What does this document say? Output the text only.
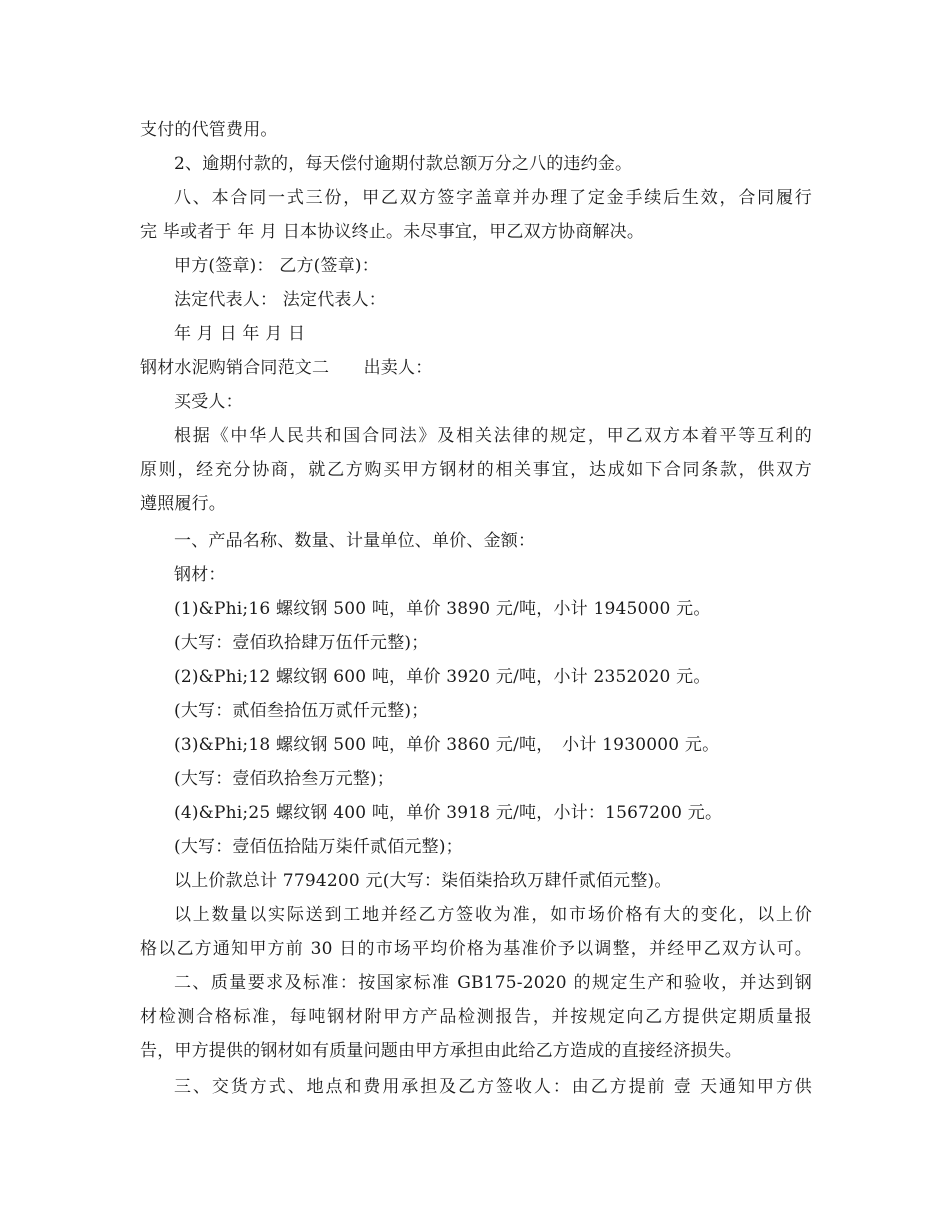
支付的代管费用。
2、逾期付款的，每天偿付逾期付款总额万分之八的违约金。
八、本合同一式三份，甲乙双方签字盖章并办理了定金手续后生效，合同履行
完 毕或者于 年 月 日本协议终止。未尽事宜，甲乙双方协商解决。
甲方(签章)： 乙方(签章)：
法定代表人： 法定代表人：
年 月 日 年 月 日
钢材水泥购销合同范文二　　出卖人：
买受人：
根据《中华人民共和国合同法》及相关法律的规定，甲乙双方本着平等互利的
原则，经充分协商，就乙方购买甲方钢材的相关事宜，达成如下合同条款，供双方
遵照履行。
一、产品名称、数量、计量单位、单价、金额：
钢材：
(1)&Phi;16 螺纹钢 500 吨，单价 3890 元/吨，小计 1945000 元。
(大写：壹佰玖拾肆万伍仟元整)；
(2)&Phi;12 螺纹钢 600 吨，单价 3920 元/吨，小计 2352020 元。
(大写：贰佰叁拾伍万贰仟元整)；
(3)&Phi;18 螺纹钢 500 吨，单价 3860 元/吨，　小计 1930000 元。
(大写：壹佰玖拾叁万元整)；
(4)&Phi;25 螺纹钢 400 吨，单价 3918 元/吨，小计：1567200 元。
(大写：壹佰伍拾陆万柒仟贰佰元整)；
以上价款总计 7794200 元(大写：柒佰柒拾玖万肆仟贰佰元整)。
以上数量以实际送到工地并经乙方签收为准，如市场价格有大的变化，以上价
格以乙方通知甲方前 30 日的市场平均价格为基准价予以调整，并经甲乙双方认可。
二、质量要求及标准：按国家标准 GB175-2020 的规定生产和验收，并达到钢
材检测合格标准，每吨钢材附甲方产品检测报告，并按规定向乙方提供定期质量报
告，甲方提供的钢材如有质量问题由甲方承担由此给乙方造成的直接经济损失。
三、交货方式、地点和费用承担及乙方签收人：由乙方提前 壹 天通知甲方供
